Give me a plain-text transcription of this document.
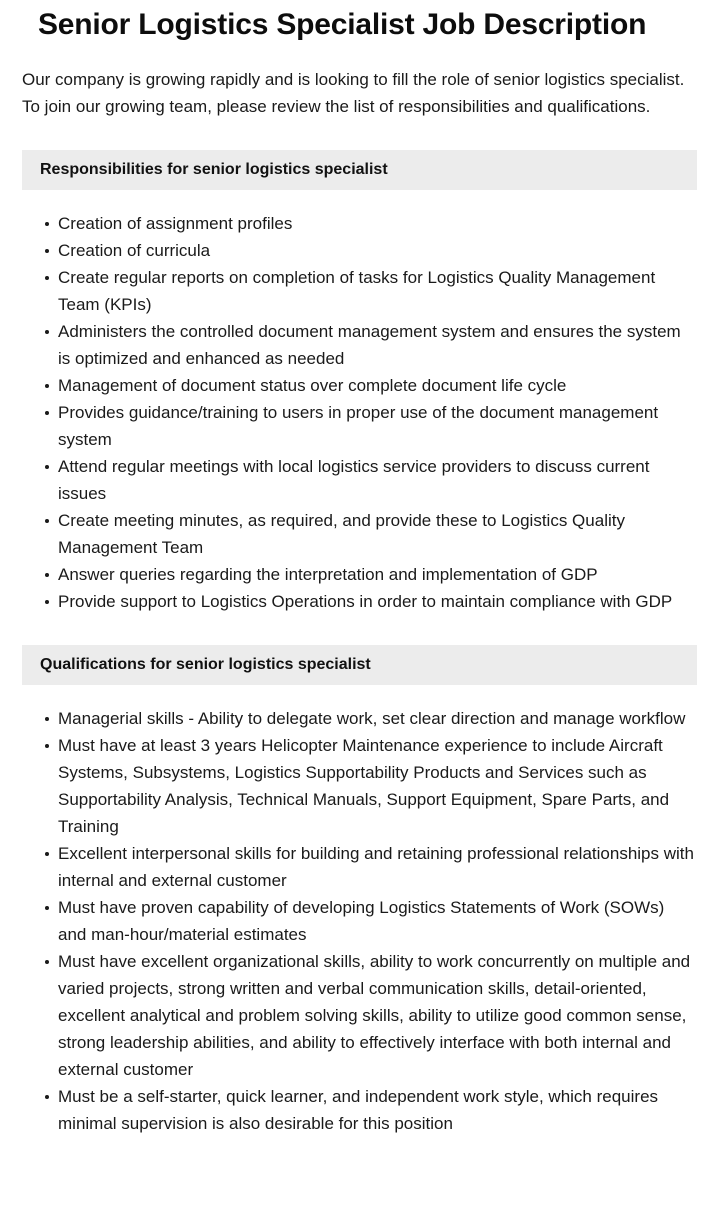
Senior Logistics Specialist Job Description

Our company is growing rapidly and is looking to fill the role of senior logistics specialist. To join our growing team, please review the list of responsibilities and qualifications.

Responsibilities for senior logistics specialist
Creation of assignment profiles
Creation of curricula
Create regular reports on completion of tasks for Logistics Quality Management Team (KPIs)
Administers the controlled document management system and ensures the system is optimized and enhanced as needed
Management of document status over complete document life cycle
Provides guidance/training to users in proper use of the document management system
Attend regular meetings with local logistics service providers to discuss current issues
Create meeting minutes, as required, and provide these to Logistics Quality Management Team
Answer queries regarding the interpretation and implementation of GDP
Provide support to Logistics Operations in order to maintain compliance with GDP
Qualifications for senior logistics specialist
Managerial skills - Ability to delegate work, set clear direction and manage workflow
Must have at least 3 years Helicopter Maintenance experience to include Aircraft Systems, Subsystems, Logistics Supportability Products and Services such as Supportability Analysis, Technical Manuals, Support Equipment, Spare Parts, and Training
Excellent interpersonal skills for building and retaining professional relationships with internal and external customer
Must have proven capability of developing Logistics Statements of Work (SOWs) and man-hour/material estimates
Must have excellent organizational skills, ability to work concurrently on multiple and varied projects, strong written and verbal communication skills, detail-oriented, excellent analytical and problem solving skills, ability to utilize good common sense, strong leadership abilities, and ability to effectively interface with both internal and external customer
Must be a self-starter, quick learner, and independent work style, which requires minimal supervision is also desirable for this position
